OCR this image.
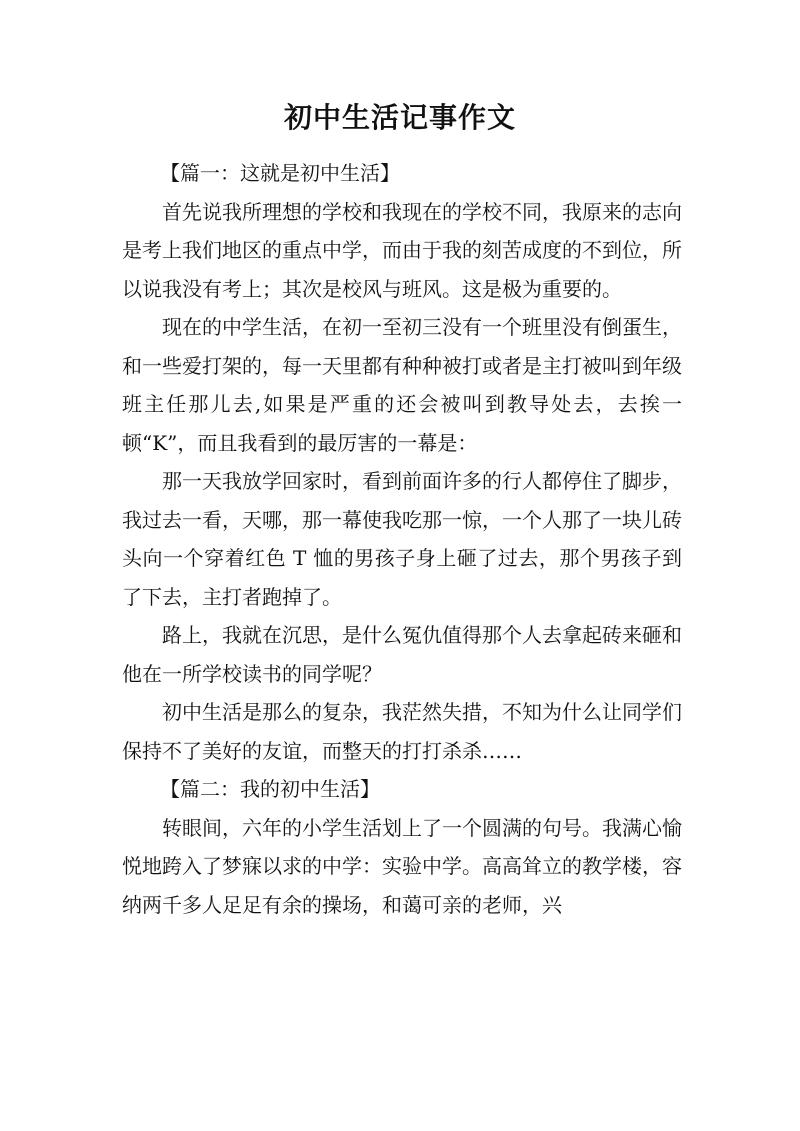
初中生活记事作文

【篇一：这就是初中生活】

首先说我所理想的学校和我现在的学校不同，我原来的志向是考上我们地区的重点中学，而由于我的刻苦成度的不到位，所以说我没有考上；其次是校风与班风。这是极为重要的。

现在的中学生活，在初一至初三没有一个班里没有倒蛋生，和一些爱打架的，每一天里都有种种被打或者是主打被叫到年级班主任那儿去,如果是严重的还会被叫到教导处去，去挨一顿“K”，而且我看到的最厉害的一幕是：

那一天我放学回家时，看到前面许多的行人都停住了脚步，我过去一看，天哪，那一幕使我吃那一惊，一个人那了一块儿砖头向一个穿着红色 T 恤的男孩子身上砸了过去，那个男孩子到了下去，主打者跑掉了。

路上，我就在沉思，是什么冤仇值得那个人去拿起砖来砸和他在一所学校读书的同学呢？

初中生活是那么的复杂，我茫然失措，不知为什么让同学们保持不了美好的友谊，而整天的打打杀杀……

【篇二：我的初中生活】

转眼间，六年的小学生活划上了一个圆满的句号。我满心愉悦地跨入了梦寐以求的中学：实验中学。高高耸立的教学楼，容纳两千多人足足有余的操场，和蔼可亲的老师，兴
